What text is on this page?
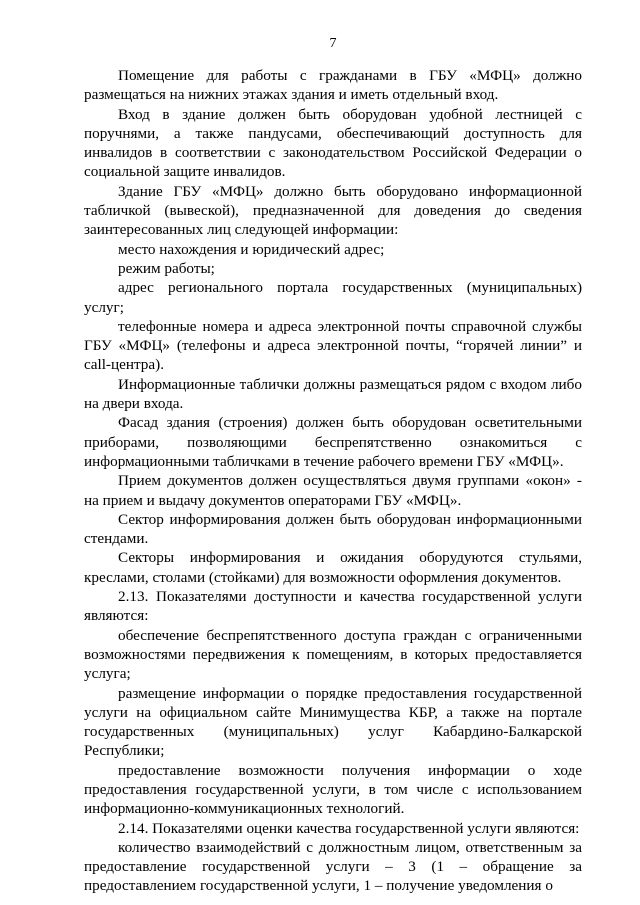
7

Помещение для работы с гражданами в ГБУ «МФЦ» должно размещаться на нижних этажах здания и иметь отдельный вход.

Вход в здание должен быть оборудован удобной лестницей с поручнями, а также пандусами, обеспечивающий доступность для инвалидов в соответствии с законодательством Российской Федерации о социальной защите инвалидов.

Здание ГБУ «МФЦ» должно быть оборудовано информационной табличкой (вывеской), предназначенной для доведения до сведения заинтересованных лиц следующей информации:

место нахождения и юридический адрес;

режим работы;

адрес регионального портала государственных (муниципальных) услуг;

телефонные номера и адреса электронной почты справочной службы ГБУ «МФЦ» (телефоны и адреса электронной почты, “горячей линии” и call-центра).

Информационные таблички должны размещаться рядом с входом либо на двери входа.

Фасад здания (строения) должен быть оборудован осветительными приборами, позволяющими беспрепятственно ознакомиться с информационными табличками в течение рабочего времени ГБУ «МФЦ».

Прием документов должен осуществляться двумя группами «окон» - на прием и выдачу документов операторами ГБУ «МФЦ».

Сектор информирования должен быть оборудован информационными стендами.

Секторы информирования и ожидания оборудуются стульями, креслами, столами (стойками) для возможности оформления документов.

2.13. Показателями доступности и качества государственной услуги являются:

обеспечение беспрепятственного доступа граждан с ограниченными возможностями передвижения к помещениям, в которых предоставляется услуга;

размещение информации о порядке предоставления государственной услуги на официальном сайте Минимущества КБР, а также на портале государственных (муниципальных) услуг Кабардино-Балкарской Республики;

предоставление возможности получения информации о ходе предоставления государственной услуги, в том числе с использованием информационно-коммуникационных технологий.

2.14. Показателями оценки качества государственной услуги являются:

количество взаимодействий с должностным лицом, ответственным за предоставление государственной услуги – 3 (1 – обращение за предоставлением государственной услуги, 1 – получение уведомления о
